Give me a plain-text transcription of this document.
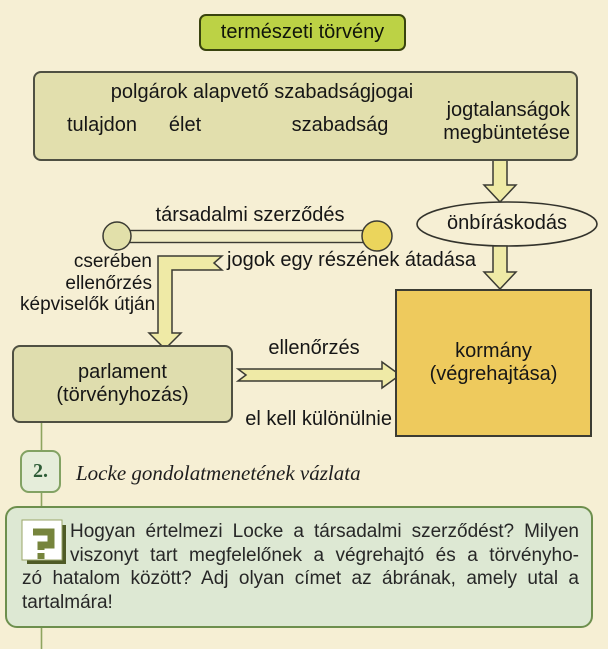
természeti törvény
polgárok alapvető szabadságjogai
tulajdon	élet	szabadság
jogtalanságok
megbüntetése
társadalmi szerződés	önbíráskodás
jogok egy részének átadása
cserében
ellenőrzés
képviselők útján
parlament
(törvényhozás)
ellenőrzés	kormány
(végrehajtása)
el kell különülnie
2. Locke gondolatmenetének vázlata
Hogyan értelmezi Locke a társadalmi szerződést? Milyen
viszonyt tart megfelelőnek a végrehajtó és a törvényho-
zó hatalom között? Adj olyan címet az ábrának, amely utal a
tartalmára!
